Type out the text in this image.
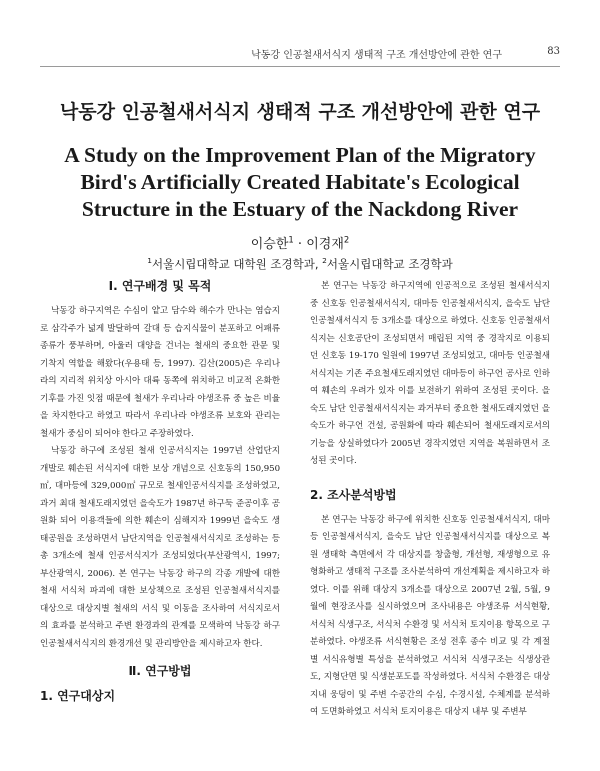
낙동강 인공철새서식지 생태적 구조 개선방안에 관한 연구	83
낙동강 인공철새서식지 생태적 구조 개선방안에 관한 연구
A Study on the Improvement Plan of the Migratory Bird's Artificially Created Habitate's Ecological Structure in the Estuary of the Nackdong River
이승한$^1$ · 이경재$^2$
$^1$서울시립대학교 대학원 조경학과, $^2$서울시립대학교 조경학과
Ⅰ. 연구배경 및 목적

낙동강 하구지역은 수심이 얕고 담수와 해수가 만나는 염습지로 삼각주가 넓게 발달하여 갈대 등 습지식물이 분포하고 어패류 종류가 풍부하며, 아울러 대양을 건너는 철새의 중요한 관문 및 기착지 역할을 해왔다(우용태 등, 1997). 김산(2005)은 우리나라의 지리적 위치상 아시아 대륙 동쪽에 위치하고 비교적 온화한 기후를 가진 잇점 때문에 철새가 우리나라 야생조류 중 높은 비율을 차지한다고 하였고 따라서 우리나라 야생조류 보호와 관리는 철새가 중심이 되어야 한다고 주장하였다.

낙동강 하구에 조성된 철새 인공서식지는 1997년 산업단지 개발로 훼손된 서식지에 대한 보상 개념으로 신호동의 150,950㎡, 대마등에 329,000㎡ 규모로 철새인공서식지를 조성하였고, 과거 최대 철새도래지였던 을숙도가 1987년 하구둑 준공이후 공원화 되어 이용객들에 의한 훼손이 심해지자 1999년 을숙도 생태공원을 조성하면서 남단지역을 인공철새서식지로 조성하는 등 총 3개소에 철새 인공서식지가 조성되었다(부산광역시, 1997; 부산광역시, 2006). 본 연구는 낙동강 하구의 각종 개발에 대한 철새 서식처 파괴에 대한 보상책으로 조성된 인공철새서식지를 대상으로 대상지별 철새의 서식 및 이동을 조사하여 서식지로서의 효과를 분석하고 주변 환경과의 관계를 모색하여 낙동강 하구 인공철새서식지의 환경개선 및 관리방안을 제시하고자 한다.

Ⅱ. 연구방법
1. 연구대상지

본 연구는 낙동강 하구지역에 인공적으로 조성된 철새서식지 중 신호동 인공철새서식지, 대마등 인공철새서식지, 을숙도 남단 인공철새서식지 등 3개소를 대상으로 하였다. 신호동 인공철새서식지는 신호공단이 조성되면서 매립된 지역 중 경작지로 이용되던 신호동 19-170 일원에 1997년 조성되었고, 대마등 인공철새서식지는 기존 주요철새도래지였던 대마등이 하구언 공사로 인하여 훼손의 우려가 있자 이를 보전하기 위하여 조성된 곳이다. 을숙도 남단 인공철새서식지는 과거부터 중요한 철새도래지였던 을숙도가 하구언 건설, 공원화에 따라 훼손되어 철새도래지로서의 기능을 상실하였다가 2005년 경작지였던 지역을 복원하면서 조성된 곳이다.

2. 조사분석방법

본 연구는 낙동강 하구에 위치한 신호동 인공철새서식지, 대마등 인공철새서식지, 을숙도 남단 인공철새서식지를 대상으로 복원 생태학 측면에서 각 대상지를 창출형, 개선형, 재생형으로 유형화하고 생태적 구조를 조사분석하여 개선계획을 제시하고자 하였다. 이를 위해 대상지 3개소를 대상으로 2007년 2월, 5월, 9월에 현장조사를 실시하였으며 조사내용은 야생조류 서식현황, 서식처 식생구조, 서식처 수환경 및 서식처 토지이용 항목으로 구분하였다. 야생조류 서식현황은 조성 전후 종수 비교 및 각 계절별 서식유형별 특성을 분석하였고 서식처 식생구조는 식생상관도, 지형단면 및 식생분포도를 작성하였다. 서식처 수환경은 대상지내 웅덩이 및 주변 수공간의 수심, 수경시설, 수체계를 분석하여 도면화하였고 서식처 토지이용은 대상지 내부 및 주변부
